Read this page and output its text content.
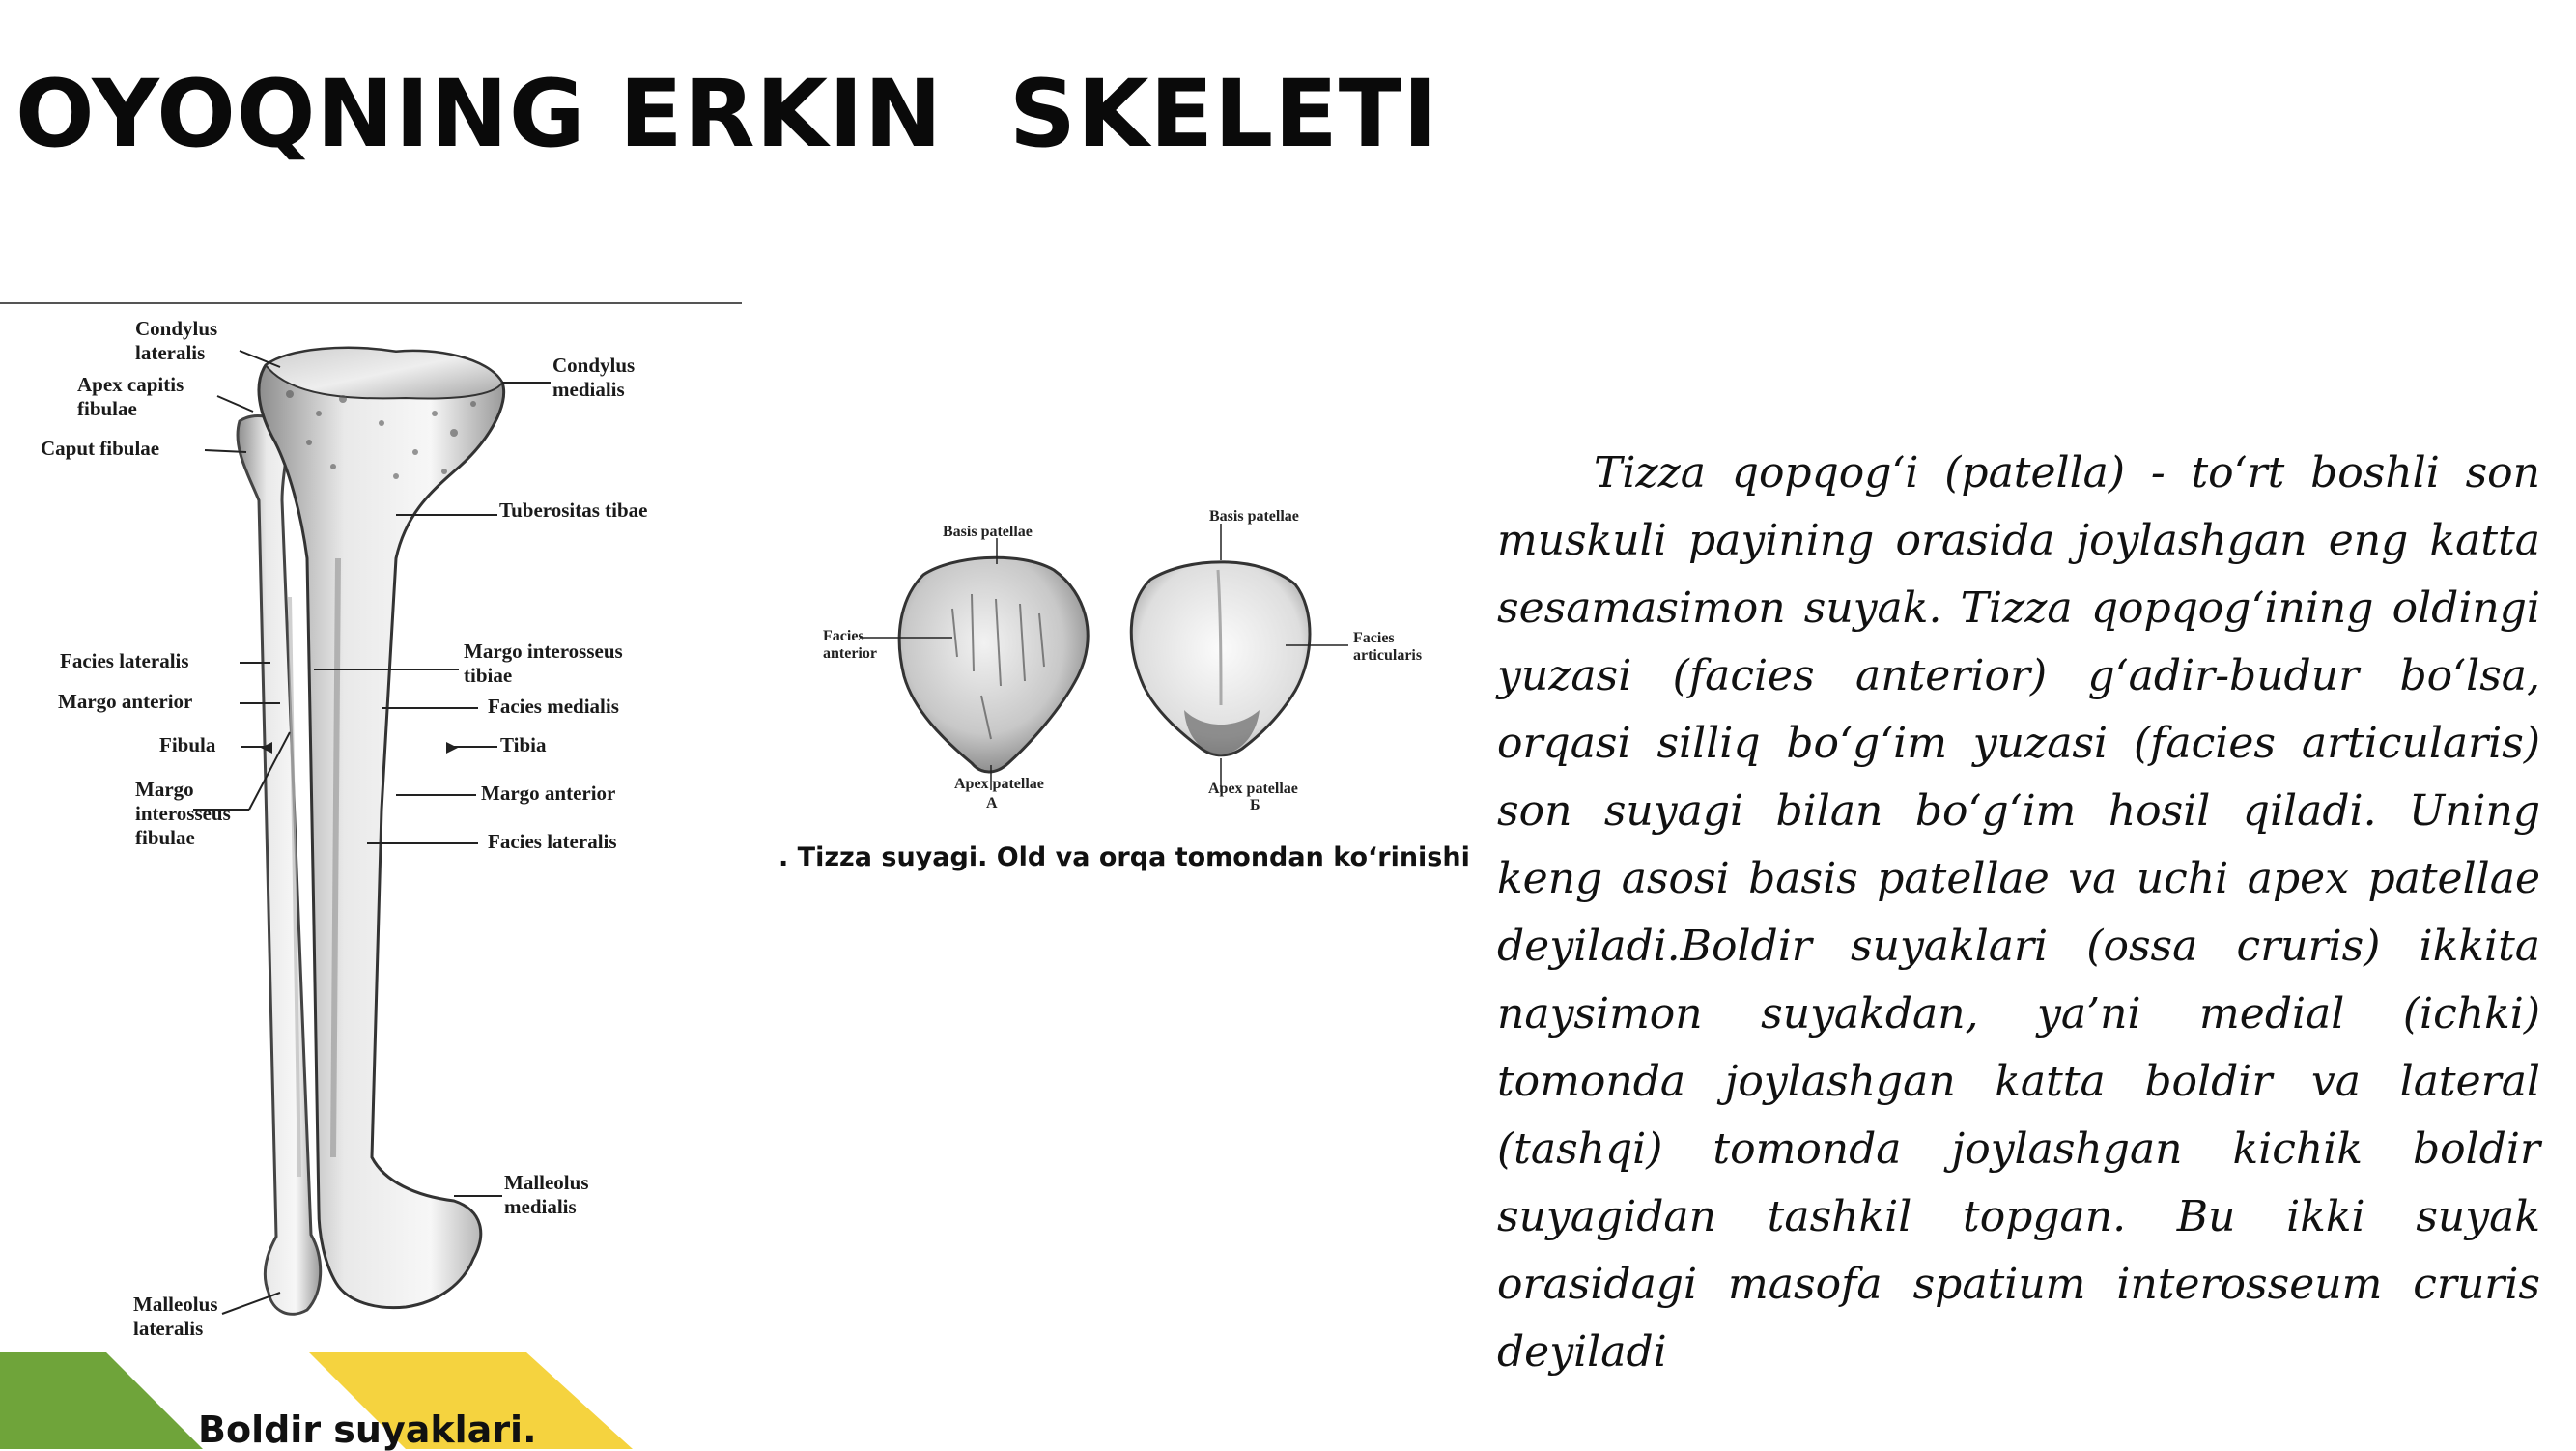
OYOQNING ERKIN  SKELETI
Condylus
lateralis
Apex capitis
fibulae
Caput fibulae
Condylus
medialis
Tuberositas tibae
Facies lateralis
Margo anterior
Fibula
Margo
interosseus
fibulae
Margo interosseus
tibiae
Facies medialis
Tibia
Margo anterior
Facies lateralis
Malleolus
medialis
Malleolus
lateralis
Basis patellae
Facies
anterior
Apex patellae
А
Basis patellae
Facies
articularis
Apex patellae
Б
. Tizza suyagi. Old va orqa tomondan ko‘rinishi

Tizza qopqog‘i (patella) - to‘rt boshli son muskuli payining orasida joylashgan eng katta sesamasimon suyak. Tizza qopqog‘ining oldingi yuzasi (facies anterior) g‘adir-budur bo‘lsa, orqasi silliq bo‘g‘im yuzasi (facies articularis) son suyagi bilan bo‘g‘im hosil qiladi. Uning keng asosi basis patellae va uchi apex patellae deyiladi.Boldir suyaklari (ossa cruris) ikkita naysimon suyakdan, ya’ni medial (ichki) tomonda joylashgan katta boldir va lateral (tashqi) tomonda joylashgan kichik boldir suyagidan tashkil topgan. Bu ikki suyak orasidagi masofa spatium interosseum cruris deyiladi

Boldir suyaklari.
